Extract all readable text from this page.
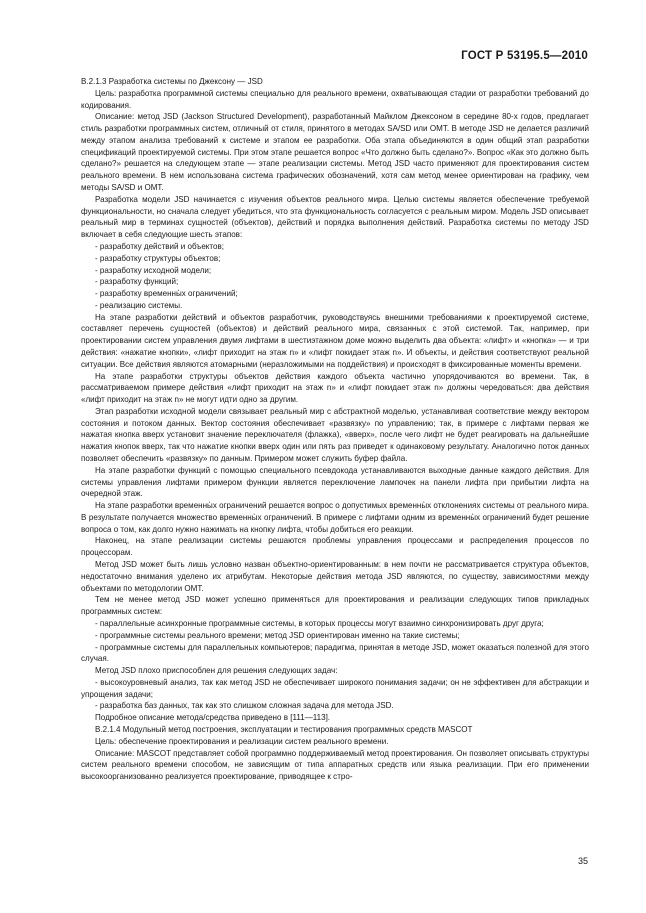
ГОСТ Р 53195.5—2010

В.2.1.3 Разработка системы по Джексону — JSD

Цель: разработка программной системы специально для реального времени, охватывающая стадии от разработки требований до кодирования.

Описание: метод JSD (Jackson Structured Development), разработанный Майклом Джексоном в середине 80-х годов, предлагает стиль разработки программных систем, отличный от стиля, принятого в методах SA/SD или OMT. В методе JSD не делается различий между этапом анализа требований к системе и этапом ее разработки. Оба этапа объединяются в один общий этап разработки спецификаций проектируемой системы. При этом этапе решается вопрос «Что должно быть сделано?». Вопрос «Как это должно быть сделано?» решается на следующем этапе — этапе реализации системы. Метод JSD часто применяют для проектирования систем реального времени. В нем использована система графических обозначений, хотя сам метод менее ориентирован на графику, чем методы SA/SD и OMT.

Разработка модели JSD начинается с изучения объектов реального мира. Целью системы является обеспечение требуемой функциональности, но сначала следует убедиться, что эта функциональность согласуется с реальным миром. Модель JSD описывает реальный мир в терминах сущностей (объектов), действий и порядка выполнения действий. Разработка системы по методу JSD включает в себя следующие шесть этапов:

- разработку действий и объектов;

- разработку структуры объектов;

- разработку исходной модели;

- разработку функций;

- разработку временны̀х ограничений;

- реализацию системы.

На этапе разработки действий и объектов разработчик, руководствуясь внешними требованиями к проектируемой системе, составляет перечень сущностей (объектов) и действий реального мира, связанных с этой системой. Так, например, при проектировании систем управления двумя лифтами в шестиэтажном доме можно выделить два объекта: «лифт» и «кнопка» — и три действия: «нажатие кнопки», «лифт приходит на этаж n» и «лифт покидает этаж n». И объекты, и действия соответствуют реальной ситуации. Все действия являются атомарными (неразложимыми на поддействия) и происходят в фиксированные моменты времени.

На этапе разработки структуры объектов действия каждого объекта частично упорядочиваются во времени. Так, в рассматриваемом примере действия «лифт приходит на этаж n» и «лифт покидает этаж n» должны чередоваться: два действия «лифт приходит на этаж n» не могут идти одно за другим.

Этап разработки исходной модели связывает реальный мир с абстрактной моделью, устанавливая соответствие между вектором состояния и потоком данных. Вектор состояния обеспечивает «развязку» по управлению; так, в примере с лифтами первая же нажатая кнопка вверх установит значение переключателя (флажка), «вверх», после чего лифт не будет реагировать на дальнейшие нажатия кнопок вверх, так что нажатие кнопки вверх один или пять раз приведет к одинаковому результату. Аналогично поток данных позволяет обеспечить «развязку» по данным. Примером может служить буфер файла.

На этапе разработки функций с помощью специального псевдокода устанавливаются выходные данные каждого действия. Для системы управления лифтами примером функции является переключение лампочек на панели лифта при прибытии лифта на очередной этаж.

На этапе разработки временны̀х ограничений решается вопрос о допустимых временны̀х отклонениях системы от реального мира. В результате получается множество временны̀х ограничений. В примере с лифтами одним из временны̀х ограничений будет решение вопроса о том, как долго нужно нажимать на кнопку лифта, чтобы добиться его реакции.

Наконец, на этапе реализации системы решаются проблемы управления процессами и распределения процессов по процессорам.

Метод JSD может быть лишь условно назван объектно-ориентированным: в нем почти не рассматривается структура объектов, недостаточно внимания уделено их атрибутам. Некоторые действия метода JSD являются, по существу, зависимостями между объектами по методологии OMT.

Тем не менее метод JSD может успешно применяться для проектирования и реализации следующих типов прикладных программных систем:

- параллельные асинхронные программные системы, в которых процессы могут взаимно синхронизировать друг друга;

- программные системы реального времени; метод JSD ориентирован именно на такие системы;

- программные системы для параллельных компьютеров; парадигма, принятая в методе JSD, может оказаться полезной для этого случая.

Метод JSD плохо приспособлен для решения следующих задач:

- высокоуровневый анализ, так как метод JSD не обеспечивает широкого понимания задачи; он не эффективен для абстракции и упрощения задачи;

- разработка баз данных, так как это слишком сложная задача для метода JSD.

Подробное описание метода/средства приведено в [111—113].

В.2.1.4 Модульный метод построения, эксплуатации и тестирования программных средств MASCOT

Цель: обеспечение проектирования и реализации систем реального времени.

Описание: MASCOT представляет собой программно поддерживаемый метод проектирования. Он позволяет описывать структуры систем реального времени способом, не зависящим от типа аппаратных средств или языка реализации. При его применении высокоорганизованно реализуется проектирование, приводящее к стро-

35
